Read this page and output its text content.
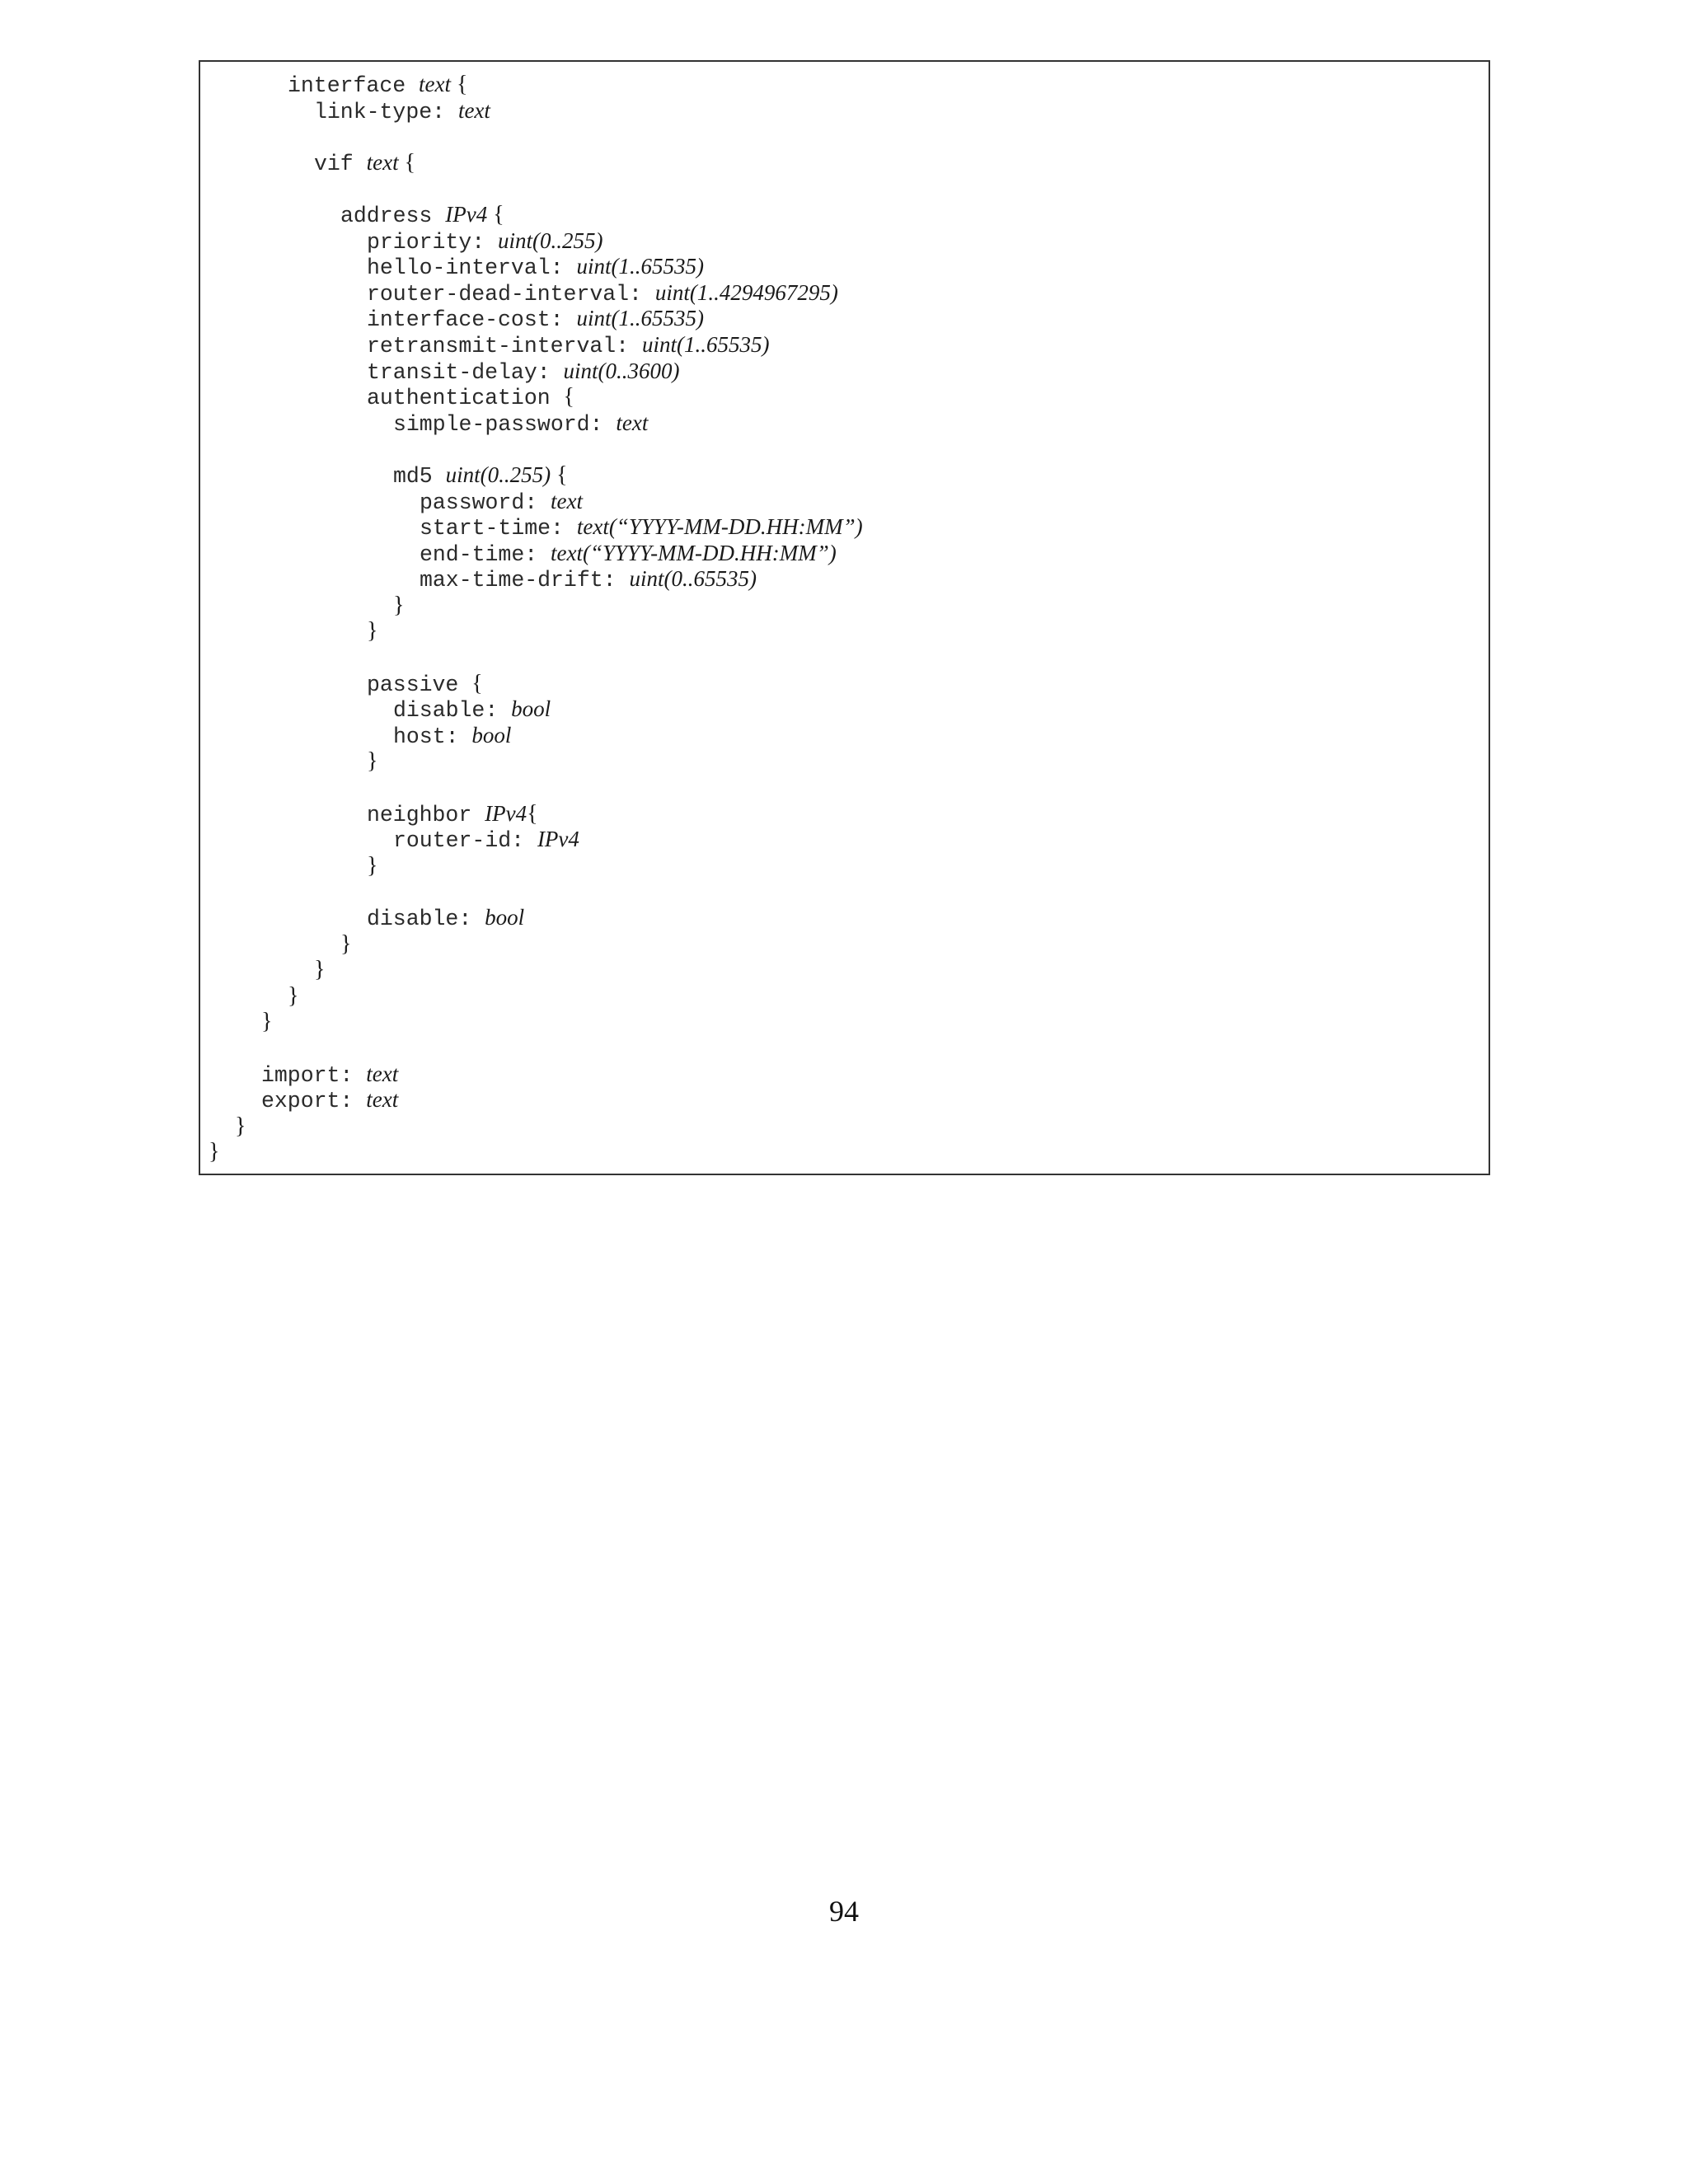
interface text {
link-type: text
vif text {
address IPv4 {
priority: uint(0..255)
hello-interval: uint(1..65535)
router-dead-interval: uint(1..4294967295)
interface-cost: uint(1..65535)
retransmit-interval: uint(1..65535)
transit-delay: uint(0..3600)
authentication {
simple-password: text
md5 uint(0..255) {
password: text
start-time: text(“YYYY-MM-DD.HH:MM”)
end-time: text(“YYYY-MM-DD.HH:MM”)
max-time-drift: uint(0..65535)
}
}
passive {
disable: bool
host: bool
}
neighbor IPv4{
router-id: IPv4
}
disable: bool
}
}
}
}
import: text
export: text
}
}
94
